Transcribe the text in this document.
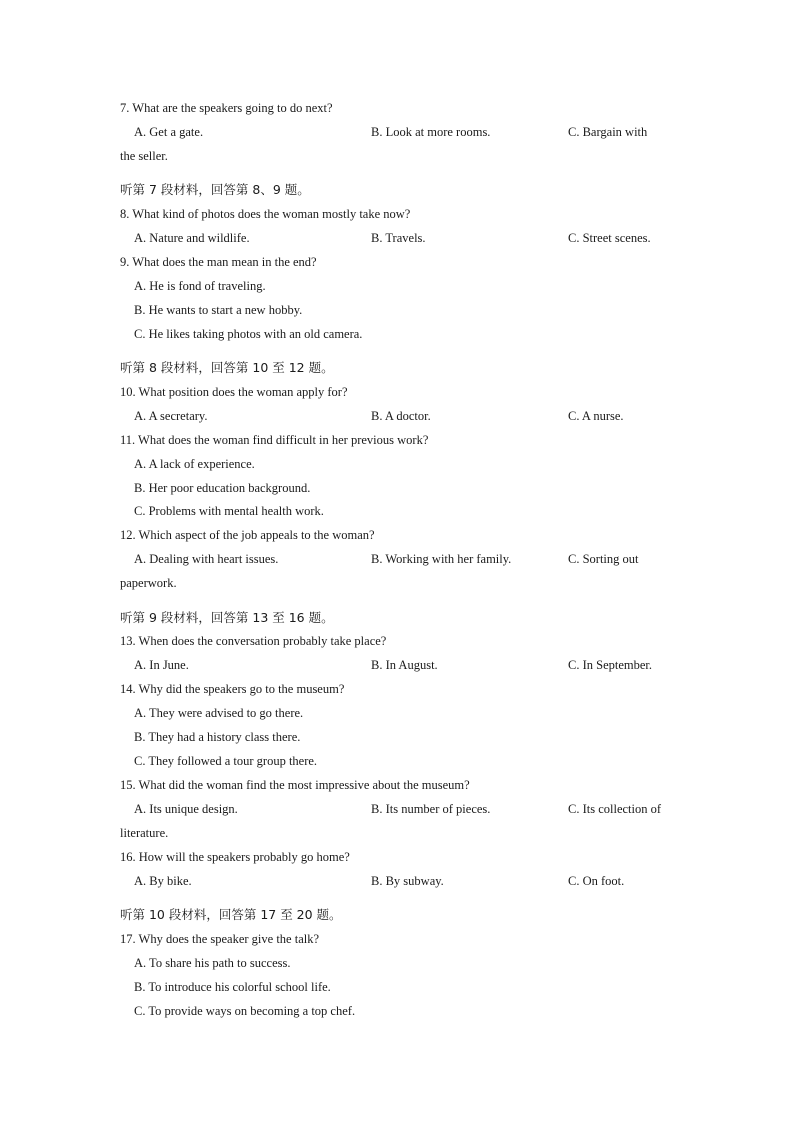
7. What are the speakers going to do next?
A. Get a gate.	B. Look at more rooms.	C. Bargain with
the seller.
听第 7 段材料，回答第 8、9 题。
8. What kind of photos does the woman mostly take now?
A. Nature and wildlife.	B. Travels.	C. Street scenes.
9. What does the man mean in the end?
A. He is fond of traveling.
B. He wants to start a new hobby.
C. He likes taking photos with an old camera.
听第 8 段材料，回答第 10 至 12 题。
10. What position does the woman apply for?
A. A secretary.	B. A doctor.	C. A nurse.
11. What does the woman find difficult in her previous work?
A. A lack of experience.
B. Her poor education background.
C. Problems with mental health work.
12. Which aspect of the job appeals to the woman?
A. Dealing with heart issues.	B. Working with her family.	C. Sorting out
paperwork.
听第 9 段材料，回答第 13 至 16 题。
13. When does the conversation probably take place?
A. In June.	B. In August.	C. In September.
14. Why did the speakers go to the museum?
A. They were advised to go there.
B. They had a history class there.
C. They followed a tour group there.
15. What did the woman find the most impressive about the museum?
A. Its unique design.	B. Its number of pieces.	C. Its collection of
literature.
16. How will the speakers probably go home?
A. By bike.	B. By subway.	C. On foot.
听第 10 段材料，回答第 17 至 20 题。
17. Why does the speaker give the talk?
A. To share his path to success.
B. To introduce his colorful school life.
C. To provide ways on becoming a top chef.
